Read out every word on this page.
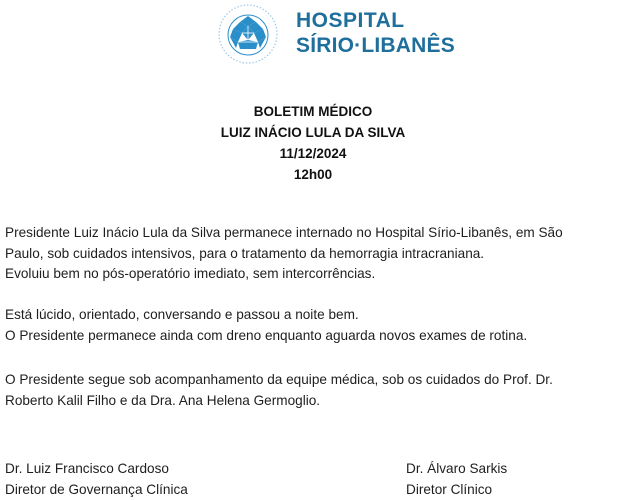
HOSPITAL
SÍRIO·LIBANÊS
BOLETIM MÉDICO
LUIZ INÁCIO LULA DA SILVA
11/12/2024
12h00
Presidente Luiz Inácio Lula da Silva permanece internado no Hospital Sírio-Libanês, em São
Paulo, sob cuidados intensivos, para o tratamento da hemorragia intracraniana.
Evoluiu bem no pós-operatório imediato, sem intercorrências.
Está lúcido, orientado, conversando e passou a noite bem.
O Presidente permanece ainda com dreno enquanto aguarda novos exames de rotina.
O Presidente segue sob acompanhamento da equipe médica, sob os cuidados do Prof. Dr.
Roberto Kalil Filho e da Dra. Ana Helena Germoglio.
Dr. Luiz Francisco Cardoso
Diretor de Governança Clínica
Dr. Álvaro Sarkis
Diretor Clínico
